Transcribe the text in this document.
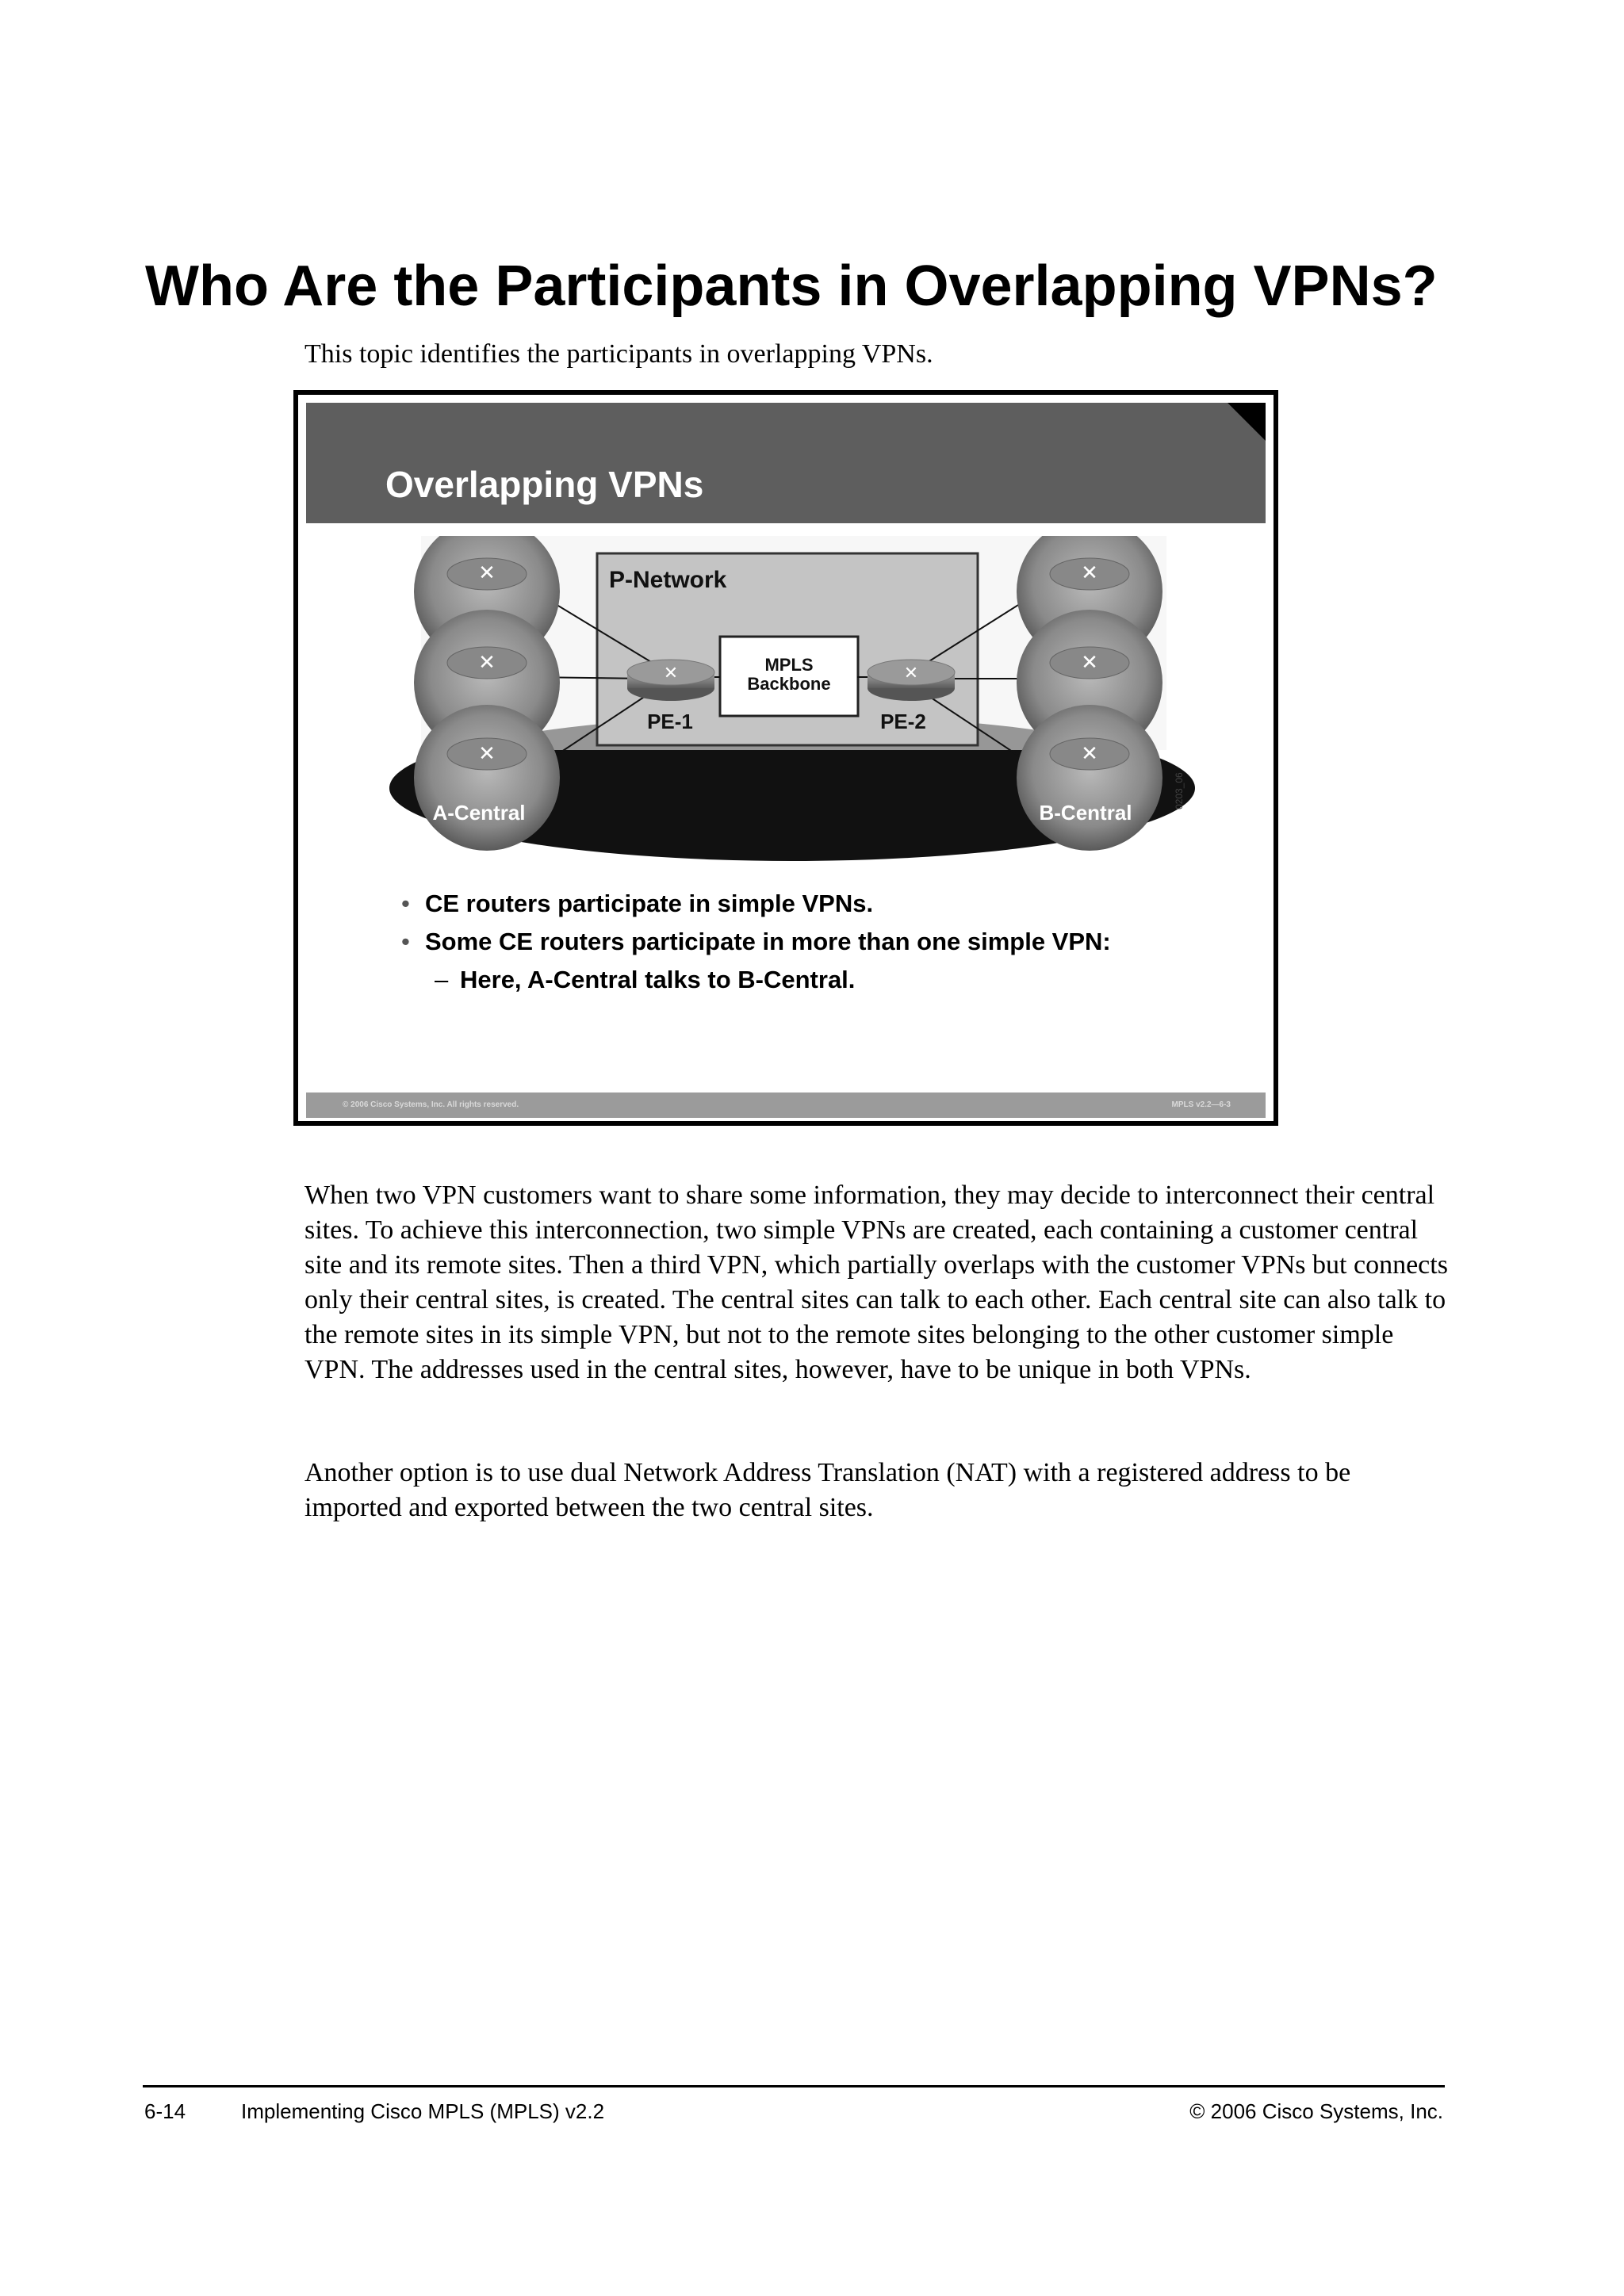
Who Are the Participants in Overlapping VPNs?

This topic identifies the participants in overlapping VPNs.

Overlapping VPNs
P-Network
MPLS
Backbone
✕
✕
✕
A-Central
✕
✕
✕
B-Central
✕
PE-1
✕
PE-2
0203_06
• CE routers participate in simple VPNs.
• Some CE routers participate in more than one simple VPN:
– Here, A-Central talks to B-Central.
© 2006 Cisco Systems, Inc. All rights reserved.	MPLS v2.2—6-3

When two VPN customers want to share some information, they may decide to interconnect their central sites. To achieve this interconnection, two simple VPNs are created, each containing a customer central site and its remote sites. Then a third VPN, which partially overlaps with the customer VPNs but connects only their central sites, is created. The central sites can talk to each other. Each central site can also talk to the remote sites in its simple VPN, but not to the remote sites belonging to the other customer simple VPN. The addresses used in the central sites, however, have to be unique in both VPNs.

Another option is to use dual Network Address Translation (NAT) with a registered address to be imported and exported between the two central sites.

6-14	Implementing Cisco MPLS (MPLS) v2.2	© 2006 Cisco Systems, Inc.
